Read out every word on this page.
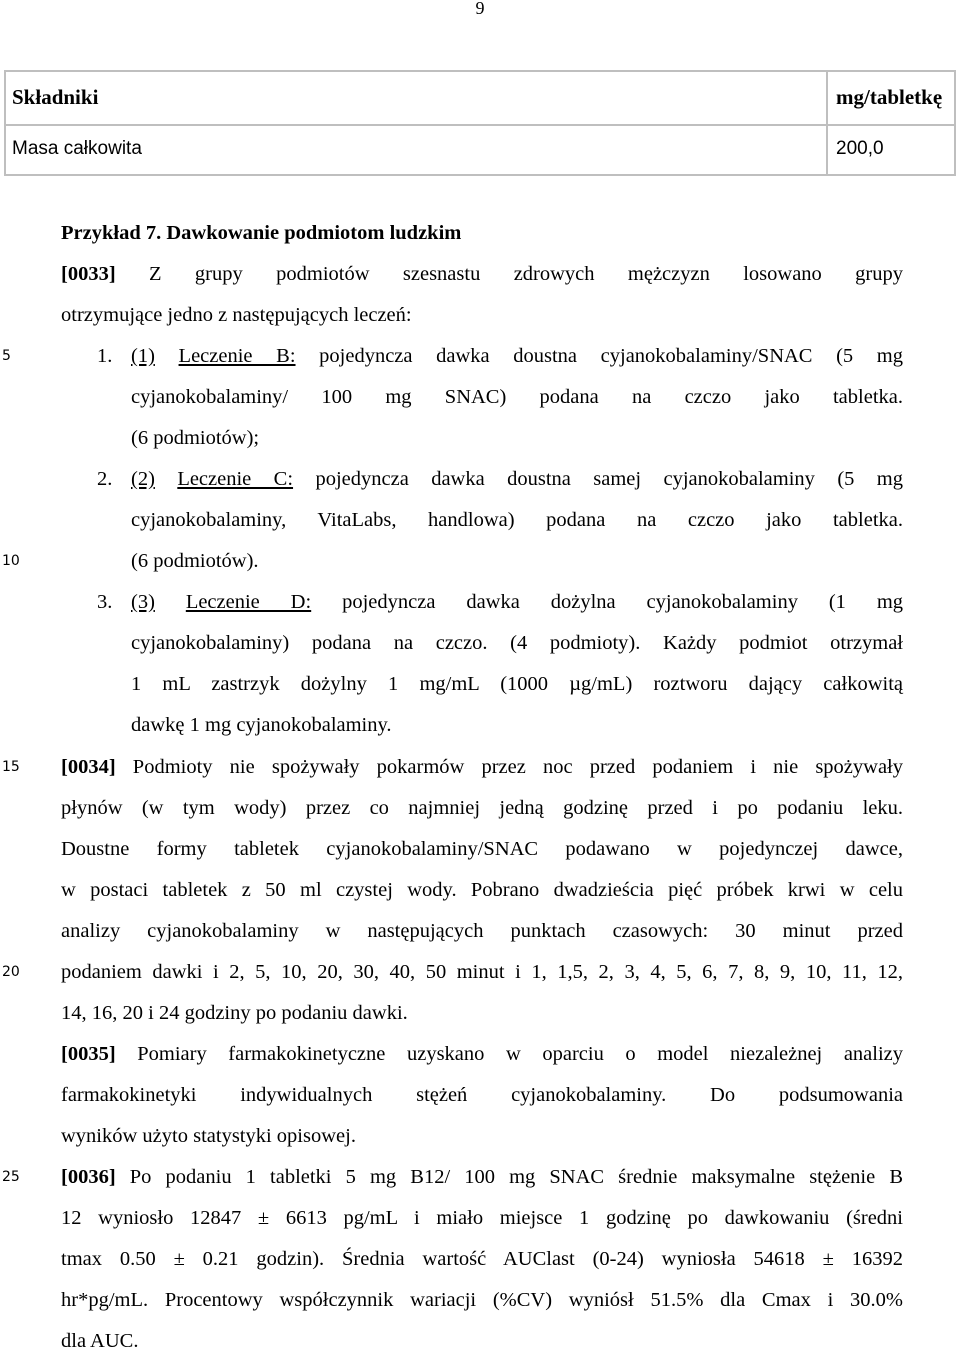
9
Składniki	mg/tabletkę
Masa całkowita	200,0
5
10
15
20
25
Przykład 7. Dawkowanie podmiotom ludzkim
[0033] Z grupy podmiotów szesnastu zdrowych mężczyzn losowano grupy
otrzymujące jedno z następujących leczeń:
1. (1) Leczenie B: pojedyncza dawka doustna cyjanokobalaminy/SNAC (5 mg
cyjanokobalaminy/ 100 mg SNAC) podana na czczo jako tabletka.
(6 podmiotów);
2. (2) Leczenie C: pojedyncza dawka doustna samej cyjanokobalaminy (5 mg
cyjanokobalaminy, VitaLabs, handlowa) podana na czczo jako tabletka.
(6 podmiotów).
3. (3) Leczenie D: pojedyncza dawka dożylna cyjanokobalaminy (1 mg
cyjanokobalaminy) podana na czczo. (4 podmioty). Każdy podmiot otrzymał
1 mL zastrzyk dożylny 1 mg/mL (1000 µg/mL) roztworu dający całkowitą
dawkę 1 mg cyjanokobalaminy.
[0034] Podmioty nie spożywały pokarmów przez noc przed podaniem i nie spożywały
płynów (w tym wody) przez co najmniej jedną godzinę przed i po podaniu leku.
Doustne formy tabletek cyjanokobalaminy/SNAC podawano w pojedynczej dawce,
w postaci tabletek z 50 ml czystej wody. Pobrano dwadzieścia pięć próbek krwi w celu
analizy cyjanokobalaminy w następujących punktach czasowych: 30 minut przed
podaniem dawki i 2, 5, 10, 20, 30, 40, 50 minut i 1, 1,5, 2, 3, 4, 5, 6, 7, 8, 9, 10, 11, 12,
14, 16, 20 i 24 godziny po podaniu dawki.
[0035] Pomiary farmakokinetyczne uzyskano w oparciu o model niezależnej analizy
farmakokinetyki indywidualnych stężeń cyjanokobalaminy. Do podsumowania
wyników użyto statystyki opisowej.
[0036] Po podaniu 1 tabletki 5 mg B12/ 100 mg SNAC średnie maksymalne stężenie B
12 wyniosło 12847 ± 6613 pg/mL i miało miejsce 1 godzinę po dawkowaniu (średni
tmax 0.50 ± 0.21 godzin). Średnia wartość AUClast (0-24) wyniosła 54618 ± 16392
hr*pg/mL. Procentowy współczynnik wariacji (%CV) wyniósł 51.5% dla Cmax i 30.0%
dla AUC.
